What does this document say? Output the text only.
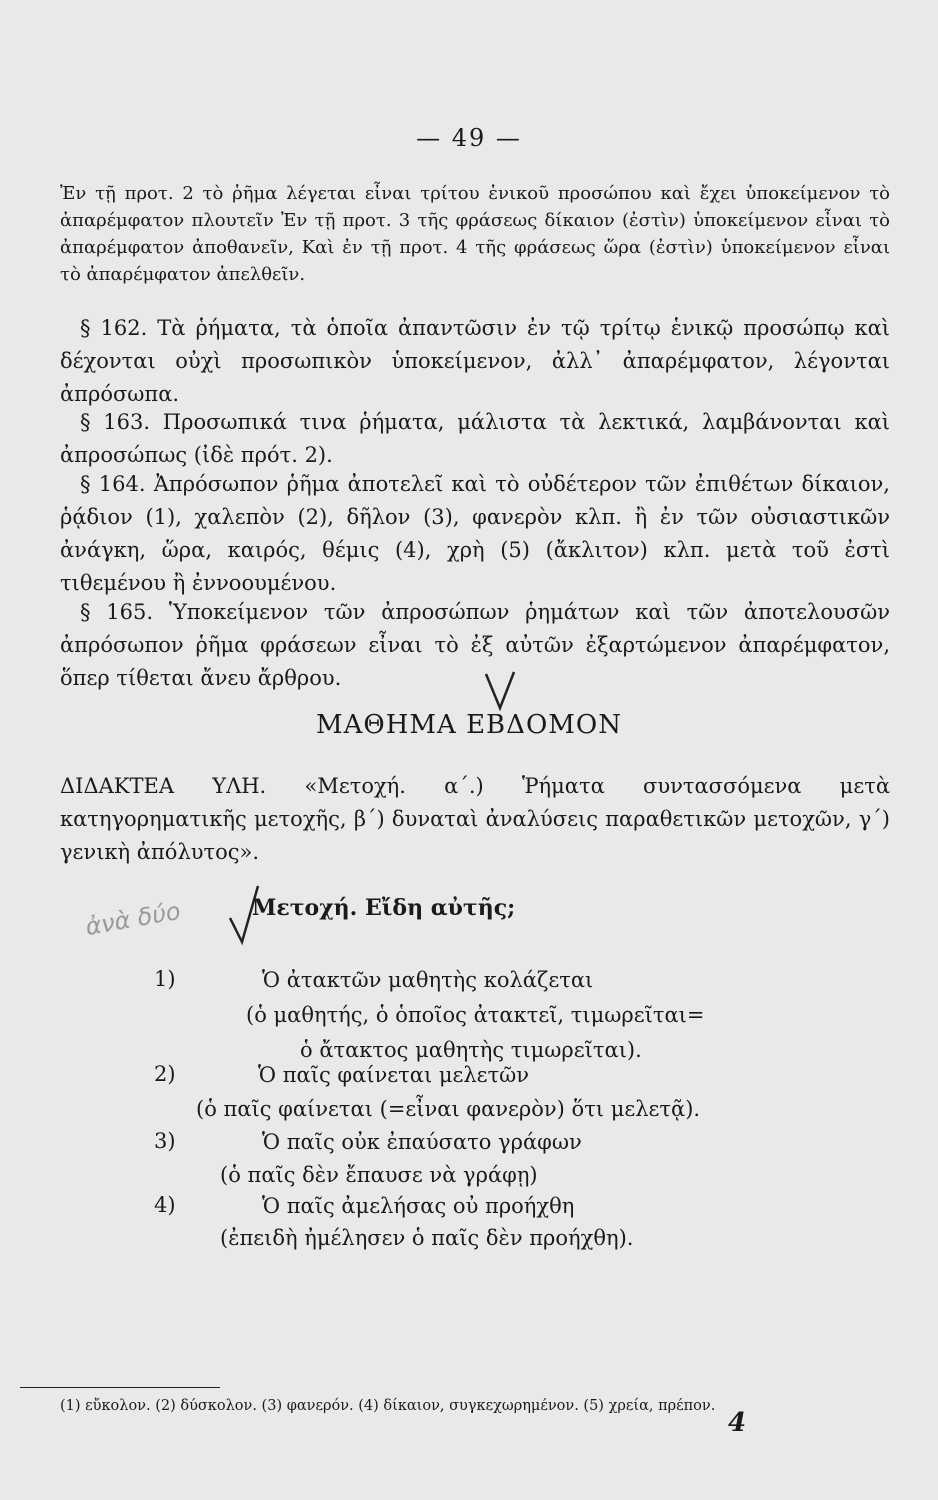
— 49 —
Ἐν τῇ προτ. 2 τὸ ῥῆμα λέγεται εἶναι τρίτου ἑνικοῦ προσώπου καὶ ἔχει ὑποκείμενον τὸ ἀπαρέμφατον πλουτεῖν Ἐν τῇ προτ. 3 τῆς φράσεως δίκαιον (ἐστὶν) ὑποκείμενον εἶναι τὸ ἀπαρέμφατον ἀποθανεῖν, Καὶ ἐν τῇ προτ. 4 τῆς φράσεως ὥρα (ἐστὶν) ὑποκείμενον εἶναι τὸ ἀπαρέμφατον ἀπελθεῖν.
§ 162. Τὰ ῥήματα, τὰ ὁποῖα ἀπαντῶσιν ἐν τῷ τρίτῳ ἑνικῷ προσώπῳ καὶ δέχονται οὐχὶ προσωπικὸν ὑποκείμενον, ἀλλ᾽ ἀπαρέμφατον, λέγονται ἀπρόσωπα.
§ 163. Προσωπικά τινα ῥήματα, μάλιστα τὰ λεκτικά, λαμβάνονται καὶ ἀπροσώπως (ἰδὲ πρότ. 2).
§ 164. Ἀπρόσωπον ῥῆμα ἀποτελεῖ καὶ τὸ οὐδέτερον τῶν ἐπιθέτων δίκαιον, ῥᾴδιον (1), χαλεπὸν (2), δῆλον (3), φανερὸν κλπ. ἢ ἐν τῶν οὐσιαστικῶν ἀνάγκη, ὥρα, καιρός, θέμις (4), χρὴ (5) (ἄκλιτον) κλπ. μετὰ τοῦ ἐστὶ τιθεμένου ἢ ἐννοουμένου.
§ 165. Ὑποκείμενον τῶν ἀπροσώπων ῥημάτων καὶ τῶν ἀποτελουσῶν ἀπρόσωπον ῥῆμα φράσεων εἶναι τὸ ἐξ αὐτῶν ἐξαρτώμενον ἀπαρέμφατον, ὅπερ τίθεται ἄνευ ἄρθρου.
ΜΑΘΗΜΑ ΕΒΔΟΜΟΝ
ΔΙΔΑΚΤΕΑ ΥΛΗ. «Μετοχή. α΄.) Ῥήματα συντασσόμενα μετὰ κατηγορηματικῆς μετοχῆς, β΄) δυναταὶ ἀναλύσεις παραθετικῶν μετοχῶν, γ΄) γενικὴ ἀπόλυτος».
ἀνὰ δύο	Μετοχή. Εἴδη αὐτῆς;
1)	Ὁ ἀτακτῶν μαθητὴς κολάζεται
(ὁ μαθητής, ὁ ὁποῖος ἀτακτεῖ, τιμωρεῖται=
ὁ ἄτακτος μαθητὴς τιμωρεῖται).
2)	Ὁ παῖς φαίνεται μελετῶν
(ὁ παῖς φαίνεται (=εἶναι φανερὸν) ὅτι μελετᾷ).
3)	Ὁ παῖς οὐκ ἐπαύσατο γράφων
(ὁ παῖς δὲν ἔπαυσε νὰ γράφῃ)
4)	Ὁ παῖς ἀμελήσας οὐ προήχθη
(ἐπειδὴ ἠμέλησεν ὁ παῖς δὲν προήχθη).
(1) εὔκολον. (2) δύσκολον. (3) φανερόν. (4) δίκαιον, συγκεχωρημένον. (5) χρεία, πρέπον.
4
